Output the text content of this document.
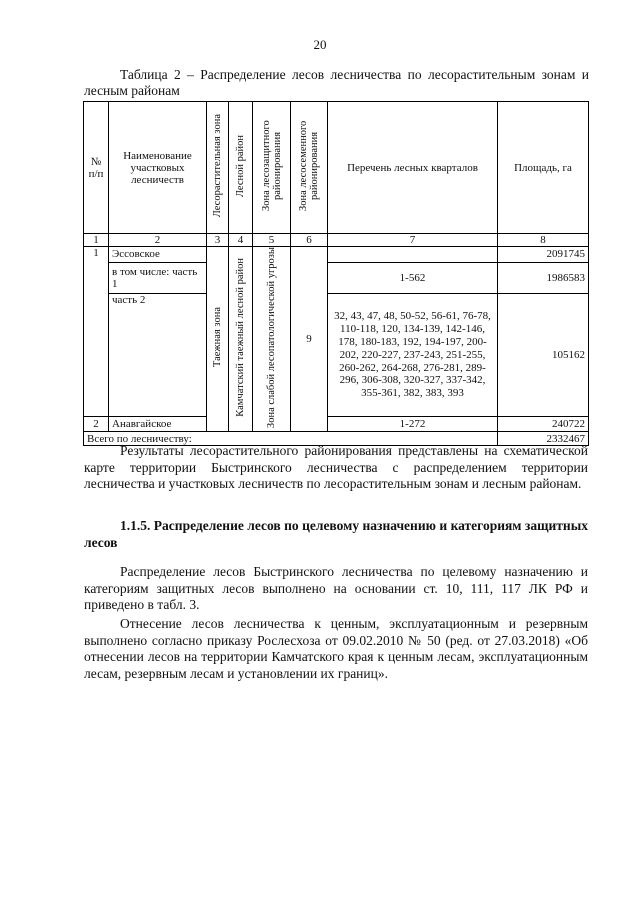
20
Таблица 2 – Распределение лесов лесничества по лесорастительным зонам и лесным районам
№ п/п	Наименование участковых лесничеств	Лесорастительная зона	Лесной район	Зона лесозащитного районирования	Зона лесосеменного районирования	Перечень лесных кварталов	Площадь, га
1	2	3	4	5	6	7	8
1	Эссовское	Таежная зона	Камчатский таежный лесной район	Зона слабой лесопатологической угрозы	9		2091745
	в том числе: часть 1					1-562	1986583
	часть 2					32, 43, 47, 48, 50-52, 56-61, 76-78, 110-118, 120, 134-139, 142-146, 178, 180-183, 192, 194-197, 200-202, 220-227, 237-243, 251-255, 260-262, 264-268, 276-281, 289-296, 306-308, 320-327, 337-342, 355-361, 382, 383, 393	105162
2	Анавгайское					1-272	240722
Всего по лесничеству:							2332467
Результаты лесорастительного районирования представлены на схематической карте территории Быстринского лесничества с распределением территории лесничества и участковых лесничеств по лесорастительным зонам и лесным районам.
1.1.5. Распределение лесов по целевому назначению и категориям защитных лесов
Распределение лесов Быстринского лесничества по целевому назначению и категориям защитных лесов выполнено на основании ст. 10, 111, 117 ЛК РФ и приведено в табл. 3.
Отнесение лесов лесничества к ценным, эксплуатационным и резервным выполнено согласно приказу Рослесхоза от 09.02.2010 № 50 (ред. от 27.03.2018) «Об отнесении лесов на территории Камчатского края к ценным лесам, эксплуатационным лесам, резервным лесам и установлении их границ».
